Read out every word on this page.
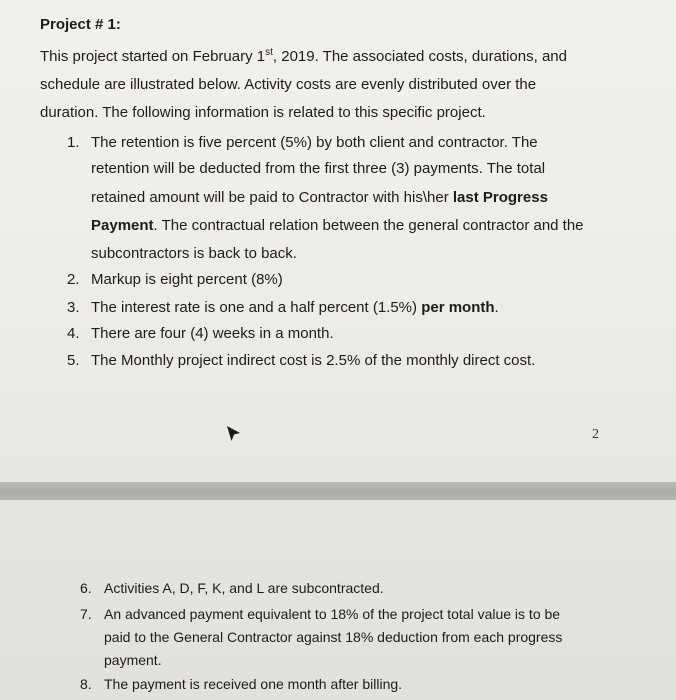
Project # 1:
This project started on February 1st, 2019. The associated costs, durations, and
schedule are illustrated below. Activity costs are evenly distributed over the
duration. The following information is related to this specific project.
1. The retention is five percent (5%) by both client and contractor. The
retention will be deducted from the first three (3) payments. The total
retained amount will be paid to Contractor with his\her last Progress
Payment. The contractual relation between the general contractor and the
subcontractors is back to back.
2. Markup is eight percent (8%)
3. The interest rate is one and a half percent (1.5%) per month.
4. There are four (4) weeks in a month.
5. The Monthly project indirect cost is 2.5% of the monthly direct cost.
2
6. Activities A, D, F, K, and L are subcontracted.
7. An advanced payment equivalent to 18% of the project total value is to be
paid to the General Contractor against 18% deduction from each progress
payment.
8. The payment is received one month after billing.
